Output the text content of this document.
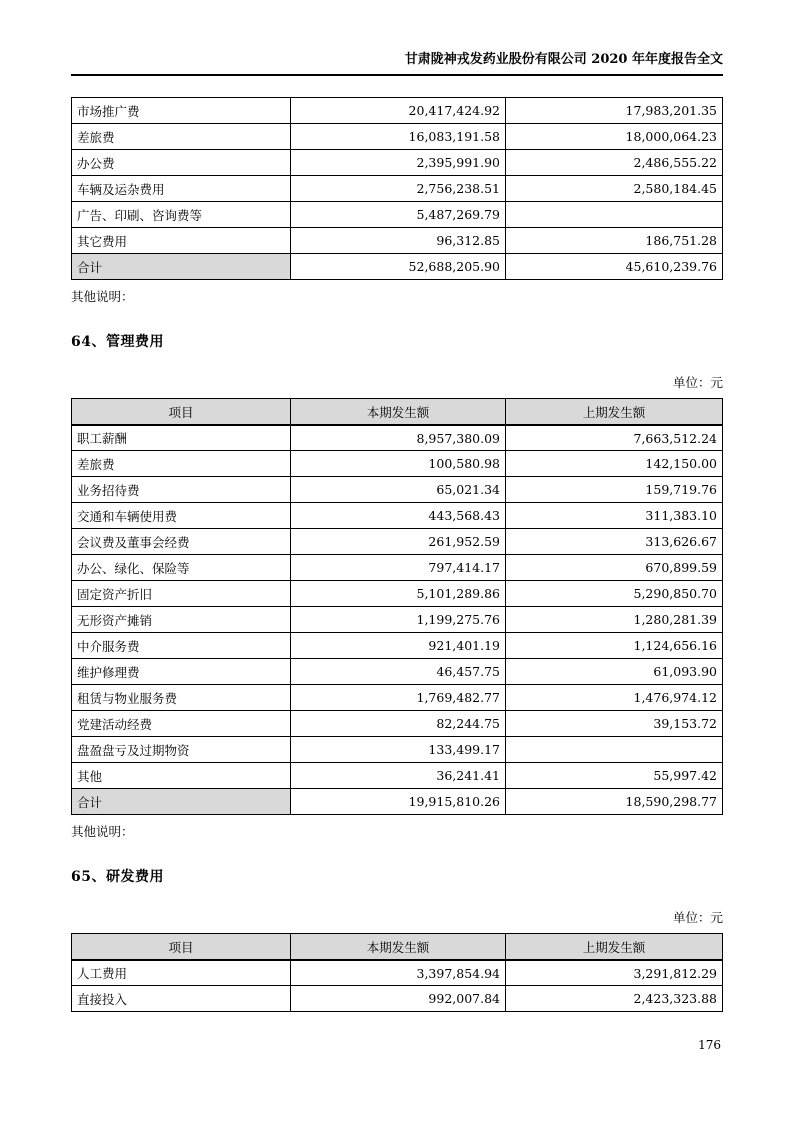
甘肃陇神戎发药业股份有限公司 2020 年年度报告全文
市场推广费	20,417,424.92	17,983,201.35
差旅费	16,083,191.58	18,000,064.23
办公费	2,395,991.90	2,486,555.22
车辆及运杂费用	2,756,238.51	2,580,184.45
广告、印刷、咨询费等	5,487,269.79	
其它费用	96,312.85	186,751.28
合计	52,688,205.90	45,610,239.76
其他说明：
64、管理费用
单位：元
项目	本期发生额	上期发生额
职工薪酬	8,957,380.09	7,663,512.24
差旅费	100,580.98	142,150.00
业务招待费	65,021.34	159,719.76
交通和车辆使用费	443,568.43	311,383.10
会议费及董事会经费	261,952.59	313,626.67
办公、绿化、保险等	797,414.17	670,899.59
固定资产折旧	5,101,289.86	5,290,850.70
无形资产摊销	1,199,275.76	1,280,281.39
中介服务费	921,401.19	1,124,656.16
维护修理费	46,457.75	61,093.90
租赁与物业服务费	1,769,482.77	1,476,974.12
党建活动经费	82,244.75	39,153.72
盘盈盘亏及过期物资	133,499.17	
其他	36,241.41	55,997.42
合计	19,915,810.26	18,590,298.77
其他说明：
65、研发费用
单位：元
项目	本期发生额	上期发生额
人工费用	3,397,854.94	3,291,812.29
直接投入	992,007.84	2,423,323.88
176
